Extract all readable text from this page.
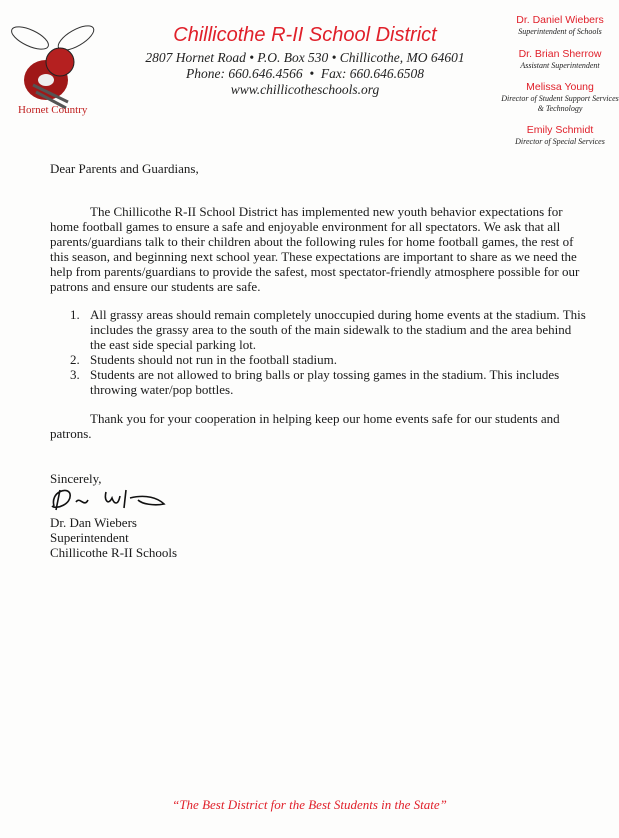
Hornet Country
Chillicothe R-II School District
2807 Hornet Road • P.O. Box 530 • Chillicothe, MO 64601
Phone: 660.646.4566  •  Fax: 660.646.6508
www.chillicotheschools.org
Dr. Daniel Wiebers
Superintendent of Schools
Dr. Brian Sherrow
Assistant Superintendent
Melissa Young
Director of Student Support Services
& Technology
Emily Schmidt
Director of Special Services
Dear Parents and Guardians,
The Chillicothe R-II School District has implemented new youth behavior expectations for
home football games to ensure a safe and enjoyable environment for all spectators. We ask that all
parents/guardians talk to their children about the following rules for home football games, the rest of
this season, and beginning next school year. These expectations are important to share as we need the
help from parents/guardians to provide the safest, most spectator-friendly atmosphere possible for our
patrons and ensure our students are safe.
1. All grassy areas should remain completely unoccupied during home events at the stadium. This
includes the grassy area to the south of the main sidewalk to the stadium and the area behind
the east side special parking lot.
2. Students should not run in the football stadium.
3. Students are not allowed to bring balls or play tossing games in the stadium. This includes
throwing water/pop bottles.
Thank you for your cooperation in helping keep our home events safe for our students and
patrons.
Sincerely,
Dr. Dan Wiebers
Superintendent
Chillicothe R-II Schools
“The Best District for the Best Students in the State”
